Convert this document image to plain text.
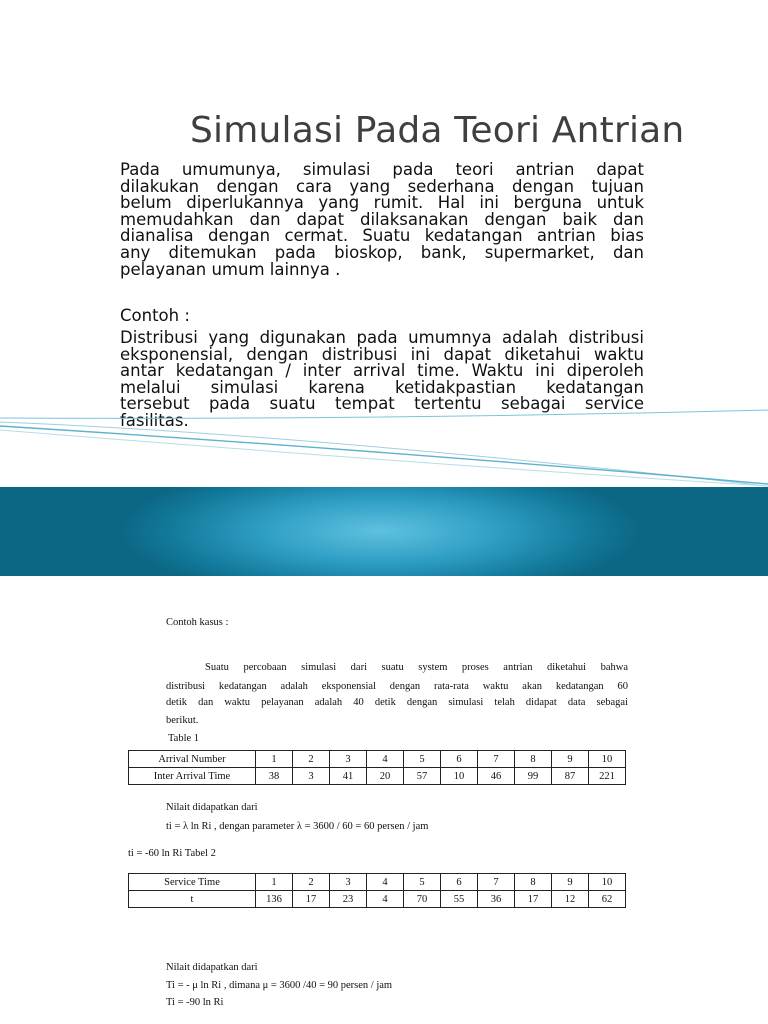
Simulasi Pada Teori Antrian
Pada umumunya, simulasi pada teori antrian dapat
dilakukan dengan cara yang sederhana dengan tujuan
belum diperlukannya yang rumit. Hal ini berguna untuk
memudahkan dan dapat dilaksanakan dengan baik dan
dianalisa dengan cermat. Suatu kedatangan antrian bias
any ditemukan pada bioskop, bank, supermarket, dan
pelayanan umum lainnya .

Contoh :

Distribusi yang digunakan pada umumnya adalah distribusi
eksponensial, dengan distribusi ini dapat diketahui waktu
antar kedatangan / inter arrival time. Waktu ini diperoleh
melalui simulasi karena ketidakpastian kedatangan
tersebut pada suatu tempat tertentu sebagai service
fasilitas.

Contoh kasus :

Suatu percobaan simulasi dari suatu system proses antrian diketahui bahwa

distribusi kedatangan adalah eksponensial dengan rata-rata waktu akan kedatangan 60

detik dan waktu pelayanan adalah 40 detik dengan simulasi telah didapat data sebagai

berikut.

Table 1

Arrival Number	1	2	3	4	5	6	7	8	9	10
Inter Arrival Time	38	3	41	20	57	10	46	99	87	221

Nilait didapatkan dari

ti = λ ln Ri , dengan parameter λ = 3600 / 60 = 60 persen / jam

ti = -60 ln Ri Tabel 2

Service Time	1	2	3	4	5	6	7	8	9	10
t	136	17	23	4	70	55	36	17	12	62

Nilait didapatkan dari

Ti = - μ ln Ri , dimana μ = 3600 /40 = 90 persen / jam

Ti = -90 ln Ri
